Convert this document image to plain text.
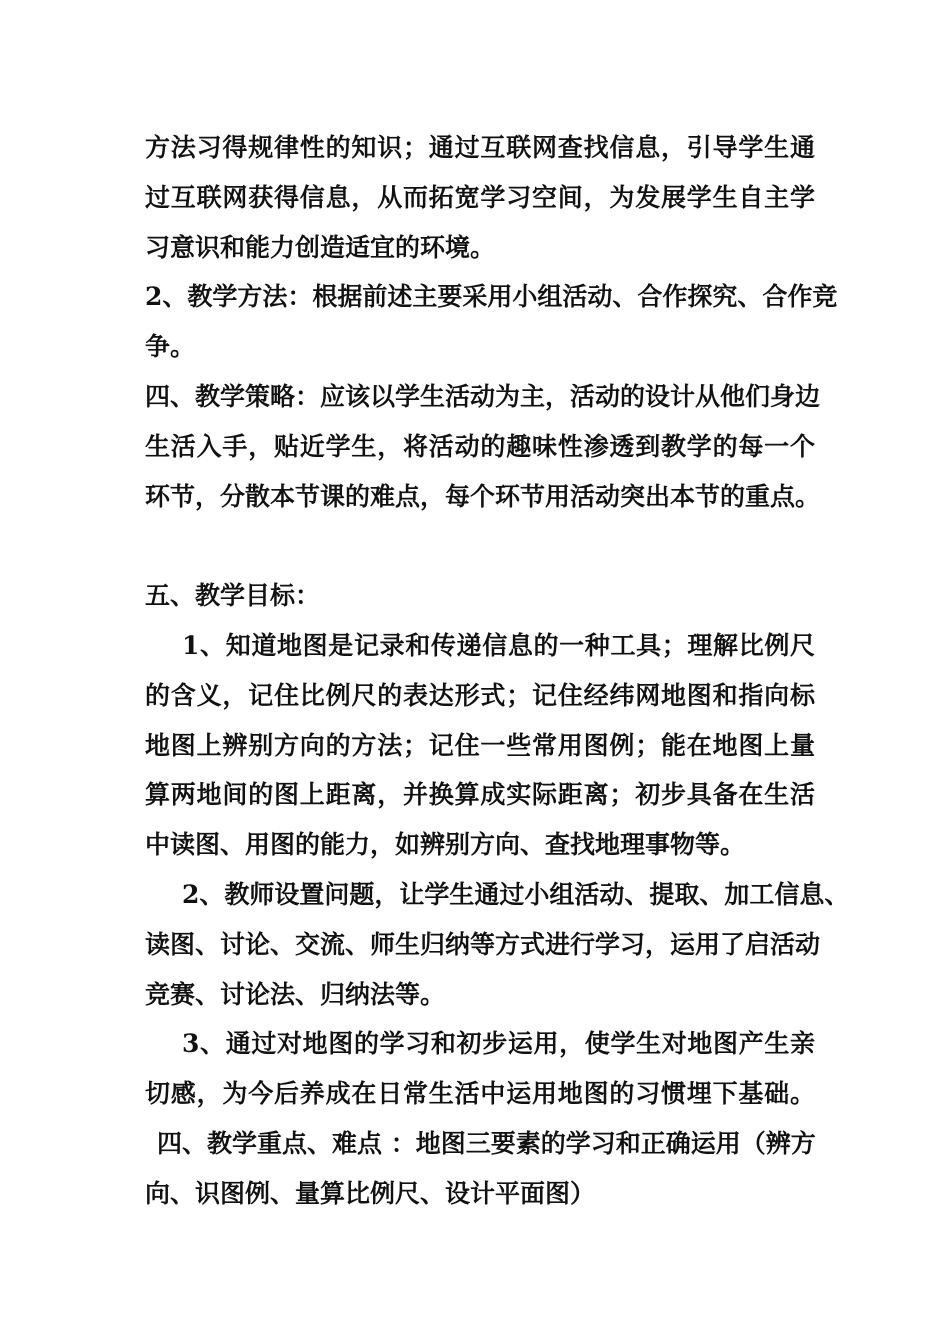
方法习得规律性的知识；通过互联网查找信息，引导学生通
过互联网获得信息，从而拓宽学习空间，为发展学生自主学
习意识和能力创造适宜的环境。
2、教学方法：根据前述主要采用小组活动、合作探究、合作竞
争。
四、教学策略：应该以学生活动为主，活动的设计从他们身边
生活入手，贴近学生，将活动的趣味性渗透到教学的每一个
环节，分散本节课的难点，每个环节用活动突出本节的重点。
五、教学目标：
1、知道地图是记录和传递信息的一种工具；理解比例尺
的含义，记住比例尺的表达形式；记住经纬网地图和指向标
地图上辨别方向的方法；记住一些常用图例；能在地图上量
算两地间的图上距离，并换算成实际距离；初步具备在生活
中读图、用图的能力，如辨别方向、查找地理事物等。
2、教师设置问题，让学生通过小组活动、提取、加工信息、
读图、讨论、交流、师生归纳等方式进行学习，运用了启活动
竞赛、讨论法、归纳法等。
3、通过对地图的学习和初步运用，使学生对地图产生亲
切感，为今后养成在日常生活中运用地图的习惯埋下基础。
四、教学重点、难点 ：地图三要素的学习和正确运用（辨方
向、识图例、量算比例尺、设计平面图）
